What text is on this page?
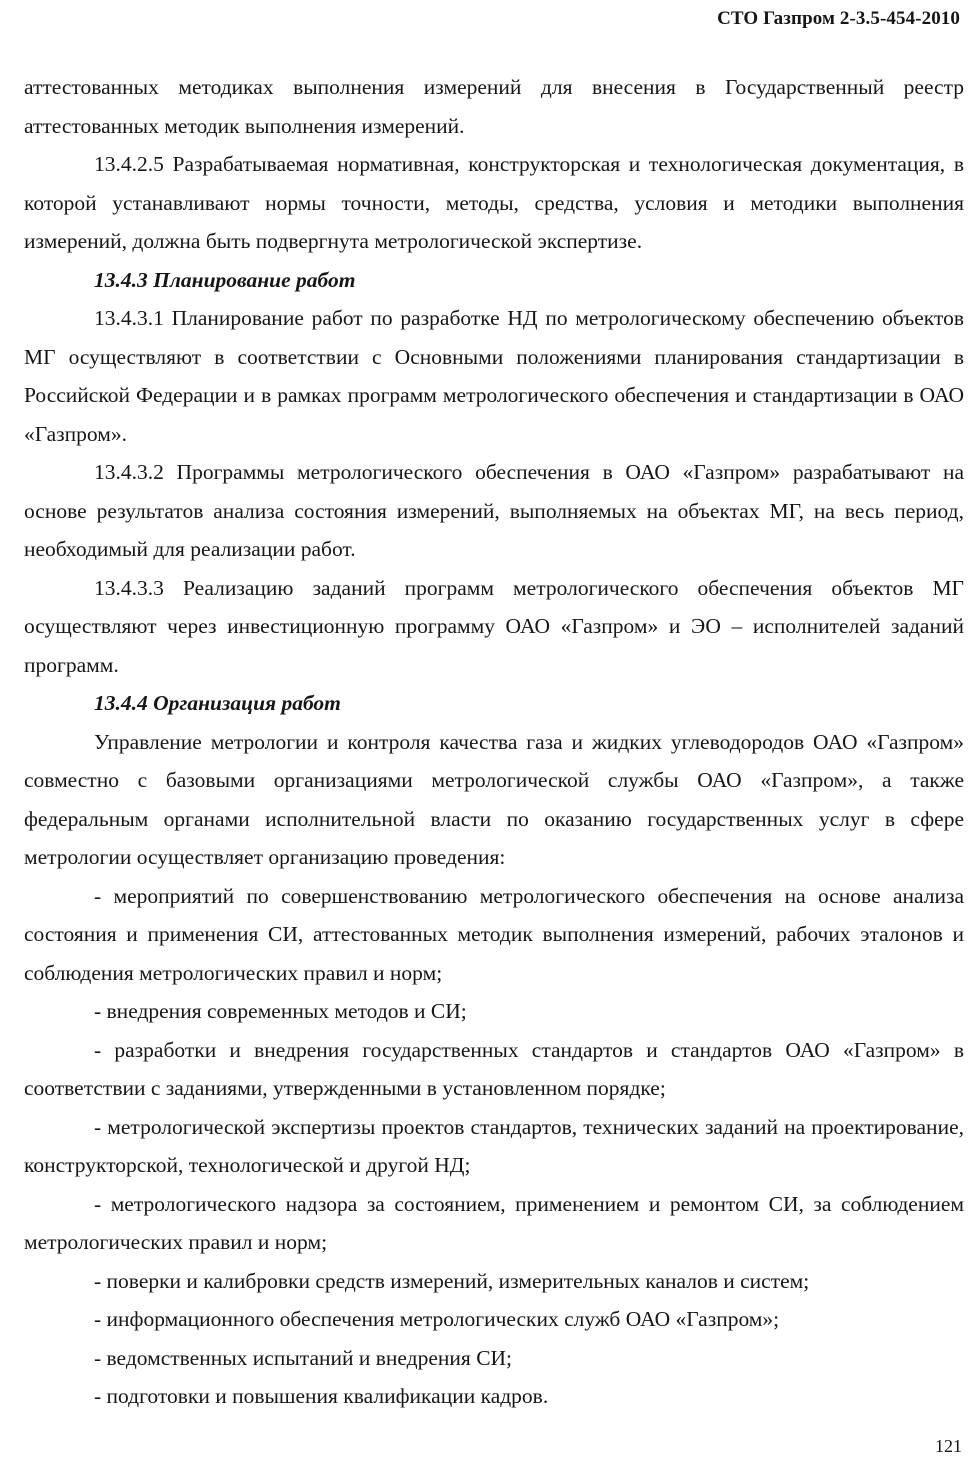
СТО Газпром 2-3.5-454-2010

аттестованных методиках выполнения измерений для внесения в Государственный реестр аттестованных методик выполнения измерений.

13.4.2.5 Разрабатываемая нормативная, конструкторская и технологическая документация, в которой устанавливают нормы точности, методы, средства, условия и методики выполнения измерений, должна быть подвергнута метрологической экспертизе.

13.4.3 Планирование работ

13.4.3.1 Планирование работ по разработке НД по метрологическому обеспечению объектов МГ осуществляют в соответствии с Основными положениями планирования стандартизации в Российской Федерации и в рамках программ метрологического обеспечения и стандартизации в ОАО «Газпром».

13.4.3.2 Программы метрологического обеспечения в ОАО «Газпром» разрабатывают на основе результатов анализа состояния измерений, выполняемых на объектах МГ, на весь период, необходимый для реализации работ.

13.4.3.3 Реализацию заданий программ метрологического обеспечения объектов МГ осуществляют через инвестиционную программу ОАО «Газпром» и ЭО – исполнителей заданий программ.

13.4.4 Организация работ

Управление метрологии и контроля качества газа и жидких углеводородов ОАО «Газпром» совместно с базовыми организациями метрологической службы ОАО «Газпром», а также федеральным органами исполнительной власти по оказанию государственных услуг в сфере метрологии осуществляет организацию проведения:

- мероприятий по совершенствованию метрологического обеспечения на основе анализа состояния и применения СИ, аттестованных методик выполнения измерений, рабочих эталонов и соблюдения метрологических правил и норм;

- внедрения современных методов и СИ;

- разработки и внедрения государственных стандартов и стандартов ОАО «Газпром» в соответствии с заданиями, утвержденными в установленном порядке;

- метрологической экспертизы проектов стандартов, технических заданий на проектирование, конструкторской, технологической и другой НД;

- метрологического надзора за состоянием, применением и ремонтом СИ, за соблюдением метрологических правил и норм;

- поверки и калибровки средств измерений, измерительных каналов и систем;

- информационного обеспечения метрологических служб ОАО «Газпром»;

- ведомственных испытаний и внедрения СИ;

- подготовки и повышения квалификации кадров.

121
